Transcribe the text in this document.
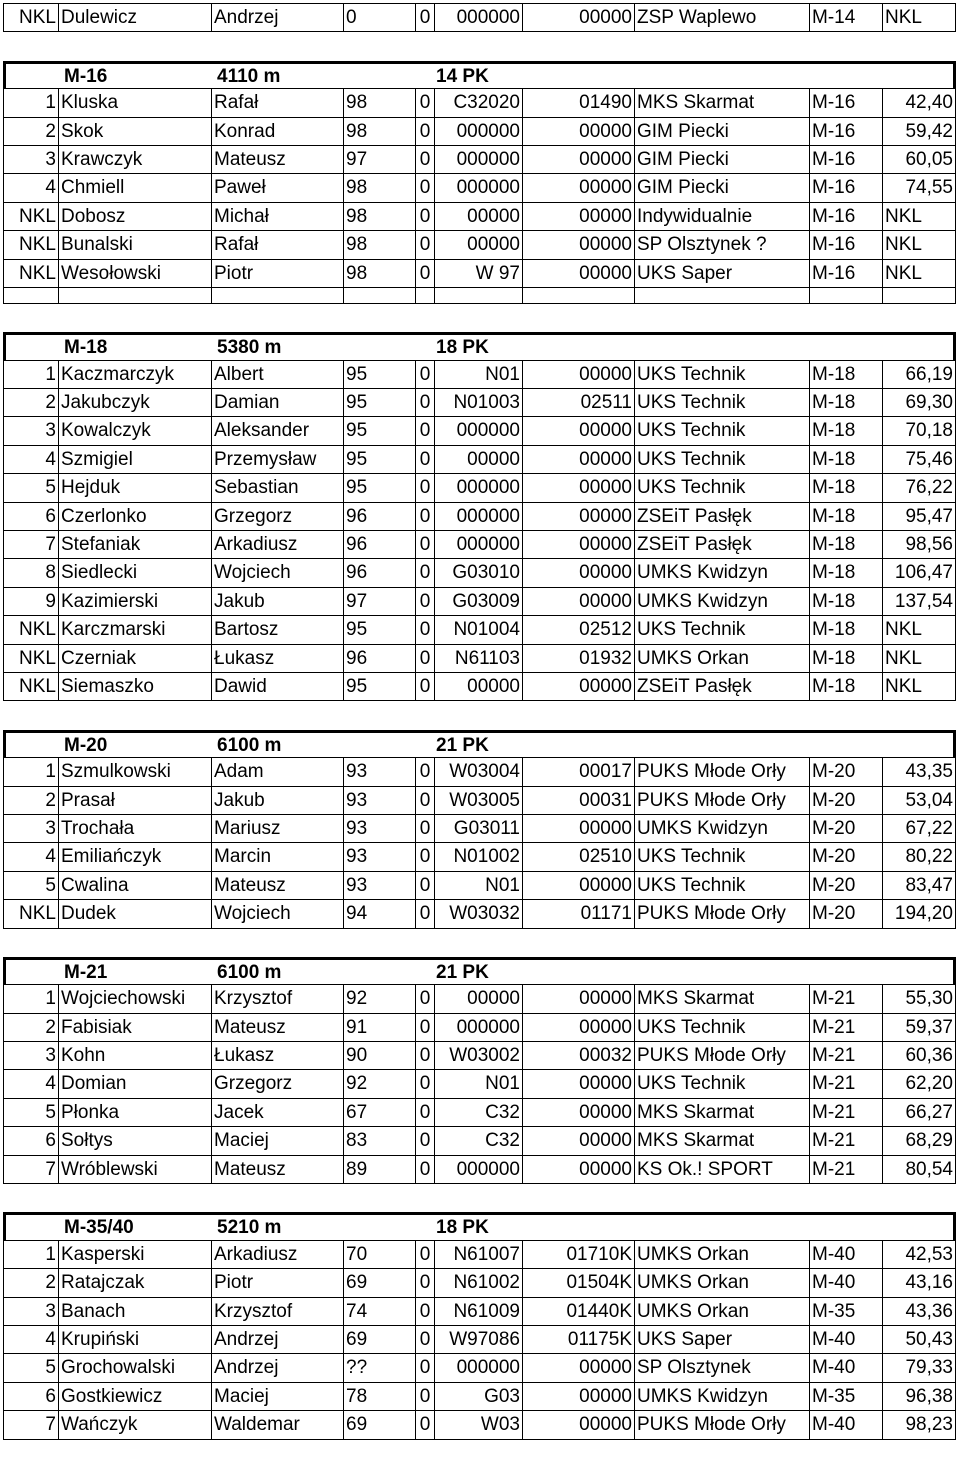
NKL Dulewicz	Andrzej	0	0	000000	00000 ZSP Waplewo	M-14	NKL
M-16	4110 m	14 PK
1 Kluska	Rafał	98	0	C32020	01490 MKS Skarmat	M-16	42,40
2 Skok	Konrad	98	0	000000	00000 GIM Piecki	M-16	59,42
3 Krawczyk	Mateusz	97	0	000000	00000 GIM Piecki	M-16	60,05
4 Chmiell	Paweł	98	0	000000	00000 GIM Piecki	M-16	74,55
NKL Dobosz	Michał	98	0	00000	00000 Indywidualnie	M-16	NKL
NKL Bunalski	Rafał	98	0	00000	00000 SP Olsztynek ?	M-16	NKL
NKL Wesołowski	Piotr	98	0	W 97	00000 UKS Saper	M-16	NKL
M-18	5380 m	18 PK
1 Kaczmarczyk	Albert	95	0	N01	00000 UKS Technik	M-18	66,19
2 Jakubczyk	Damian	95	0	N01003	02511 UKS Technik	M-18	69,30
3 Kowalczyk	Aleksander	95	0	000000	00000 UKS Technik	M-18	70,18
4 Szmigiel	Przemysław	95	0	00000	00000 UKS Technik	M-18	75,46
5 Hejduk	Sebastian	95	0	000000	00000 UKS Technik	M-18	76,22
6 Czerlonko	Grzegorz	96	0	000000	00000 ZSEiT Pasłęk	M-18	95,47
7 Stefaniak	Arkadiusz	96	0	000000	00000 ZSEiT Pasłęk	M-18	98,56
8 Siedlecki	Wojciech	96	0	G03010	00000 UMKS Kwidzyn	M-18	106,47
9 Kazimierski	Jakub	97	0	G03009	00000 UMKS Kwidzyn	M-18	137,54
NKL Karczmarski	Bartosz	95	0	N01004	02512 UKS Technik	M-18	NKL
NKL Czerniak	Łukasz	96	0	N61103	01932 UMKS Orkan	M-18	NKL
NKL Siemaszko	Dawid	95	0	00000	00000 ZSEiT Pasłęk	M-18	NKL
M-20	6100 m	21 PK
1 Szmulkowski	Adam	93	0 W03004	00017 PUKS Młode Orły	M-20	43,35
2 Prasał	Jakub	93	0 W03005	00031 PUKS Młode Orły	M-20	53,04
3 Trochała	Mariusz	93	0	G03011	00000 UMKS Kwidzyn	M-20	67,22
4 Emiliańczyk	Marcin	93	0	N01002	02510 UKS Technik	M-20	80,22
5 Cwalina	Mateusz	93	0	N01	00000 UKS Technik	M-20	83,47
NKL Dudek	Wojciech	94	0 W03032	01171 PUKS Młode Orły	M-20	194,20
M-21	6100 m	21 PK
1 Wojciechowski	Krzysztof	92	0	00000	00000 MKS Skarmat	M-21	55,30
2 Fabisiak	Mateusz	91	0	000000	00000 UKS Technik	M-21	59,37
3 Kohn	Łukasz	90	0 W03002	00032 PUKS Młode Orły	M-21	60,36
4 Domian	Grzegorz	92	0	N01	00000 UKS Technik	M-21	62,20
5 Płonka	Jacek	67	0	C32	00000 MKS Skarmat	M-21	66,27
6 Sołtys	Maciej	83	0	C32	00000 MKS Skarmat	M-21	68,29
7 Wróblewski	Mateusz	89	0	000000	00000 KS Ok.! SPORT	M-21	80,54
M-35/40	5210 m	18 PK
1 Kasperski	Arkadiusz	70	0	N61007	01710K UMKS Orkan	M-40	42,53
2 Ratajczak	Piotr	69	0	N61002	01504K UMKS Orkan	M-40	43,16
3 Banach	Krzysztof	74	0	N61009	01440K UMKS Orkan	M-35	43,36
4 Krupiński	Andrzej	69	0 W97086	01175K UKS Saper	M-40	50,43
5 Grochowalski	Andrzej	??	0	000000	00000 SP Olsztynek	M-40	79,33
6 Gostkiewicz	Maciej	78	0	G03	00000 UMKS Kwidzyn	M-35	96,38
7 Wańczyk	Waldemar	69	0	W03	00000 PUKS Młode Orły	M-40	98,23
